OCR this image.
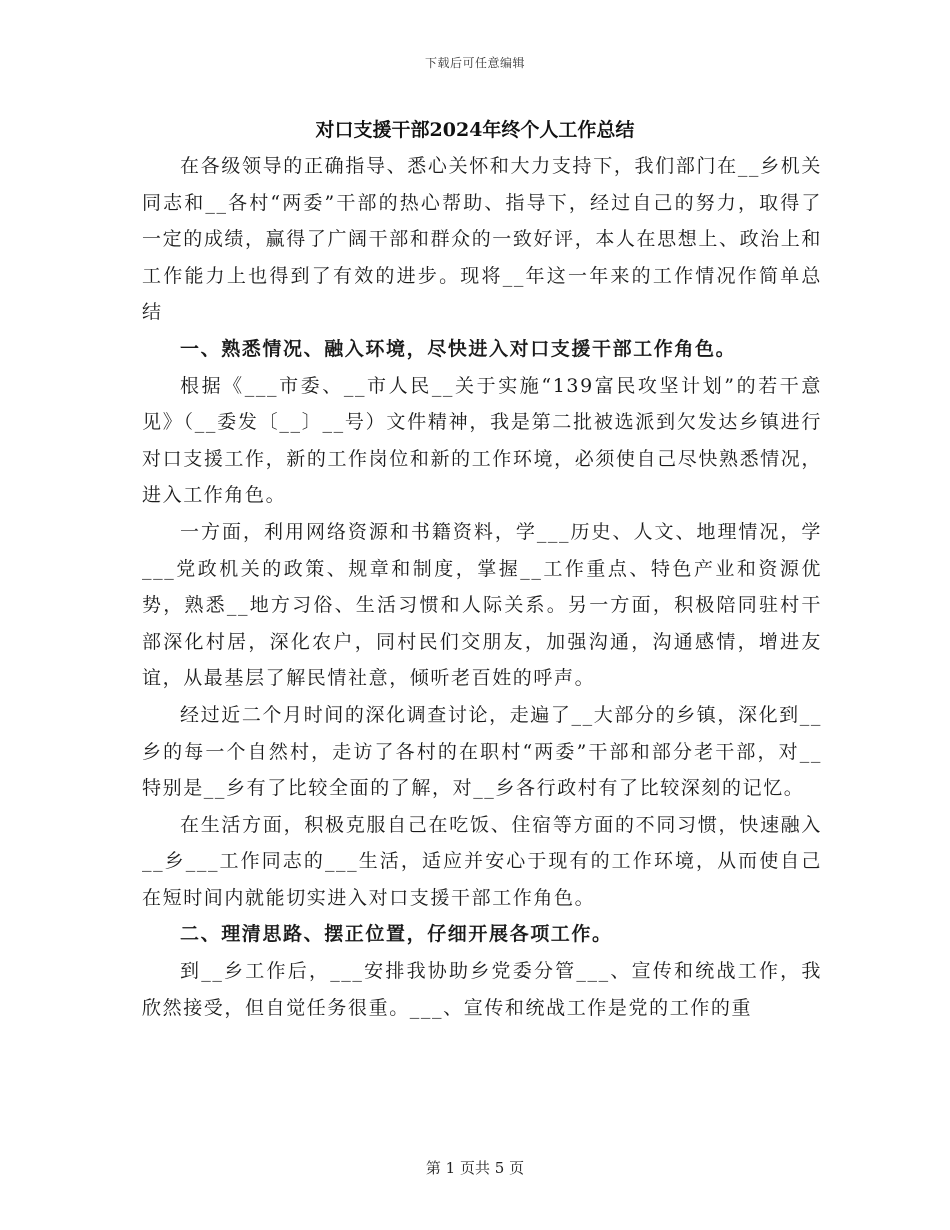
下载后可任意编辑
对口支援干部2024年终个人工作总结

在各级领导的正确指导、悉心关怀和大力支持下，我们部门在__乡机关同志和__各村“两委”干部的热心帮助、指导下，经过自己的努力，取得了一定的成绩，赢得了广阔干部和群众的一致好评，本人在思想上、政治上和工作能力上也得到了有效的进步。现将__年这一年来的工作情况作简单总结

一、熟悉情况、融入环境，尽快进入对口支援干部工作角色。

根据《___市委、__市人民__关于实施“139富民攻坚计划”的若干意见》（__委发〔__〕__号）文件精神，我是第二批被选派到欠发达乡镇进行对口支援工作，新的工作岗位和新的工作环境，必须使自己尽快熟悉情况，进入工作角色。

一方面，利用网络资源和书籍资料，学___历史、人文、地理情况，学___党政机关的政策、规章和制度，掌握__工作重点、特色产业和资源优势，熟悉__地方习俗、生活习惯和人际关系。另一方面，积极陪同驻村干部深化村居，深化农户，同村民们交朋友，加强沟通，沟通感情，增进友谊，从最基层了解民情社意，倾听老百姓的呼声。

经过近二个月时间的深化调查讨论，走遍了__大部分的乡镇，深化到__乡的每一个自然村，走访了各村的在职村“两委”干部和部分老干部，对__特别是__乡有了比较全面的了解，对__乡各行政村有了比较深刻的记忆。

在生活方面，积极克服自己在吃饭、住宿等方面的不同习惯，快速融入__乡___工作同志的___生活，适应并安心于现有的工作环境，从而使自己在短时间内就能切实进入对口支援干部工作角色。

二、理清思路、摆正位置，仔细开展各项工作。

到__乡工作后，___安排我协助乡党委分管___、宣传和统战工作，我欣然接受，但自觉任务很重。___、宣传和统战工作是党的工作的重

第 1 页共 5 页
